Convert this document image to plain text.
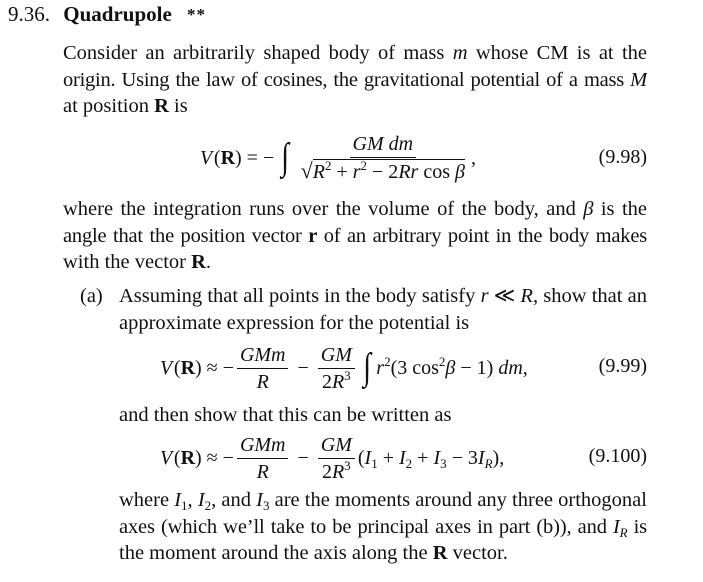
9.36. Quadrupole **
Consider an arbitrarily shaped body of mass m whose CM is at the
origin. Using the law of cosines, the gravitational potential of a mass M
at position R is
V (R) = − ∫ $\frac{\text{GM dm}}{√R^2 + r^2 - 2Rr \cos \beta}$ ,	(9.98)
where the integration runs over the volume of the body, and β is the
angle that the position vector r of an arbitrary point in the body makes
with the vector R.
(a) Assuming that all points in the body satisfy r ≪ R, show that an
approximate expression for the potential is
V (R) ≈ − $\frac{\text{GMm}}{R} - \frac{GM}{2R^3}$ ∫ $r^2(3$ $\cos^2\beta - 1$) dm,	(9.99)
and then show that this can be written as
V (R) ≈ − $\frac{\text{GMm}}{R} - \frac{GM}{2R^3} (I_1 + I_2 + I_3 - 3I_R)$,	(9.100)
where $I_1$, $I_2$, and $I_3$ are the moments around any three orthogonal
axes (which we’ll take to be principal axes in part (b)), and $I_R$ is
the moment around the axis along the R vector.
